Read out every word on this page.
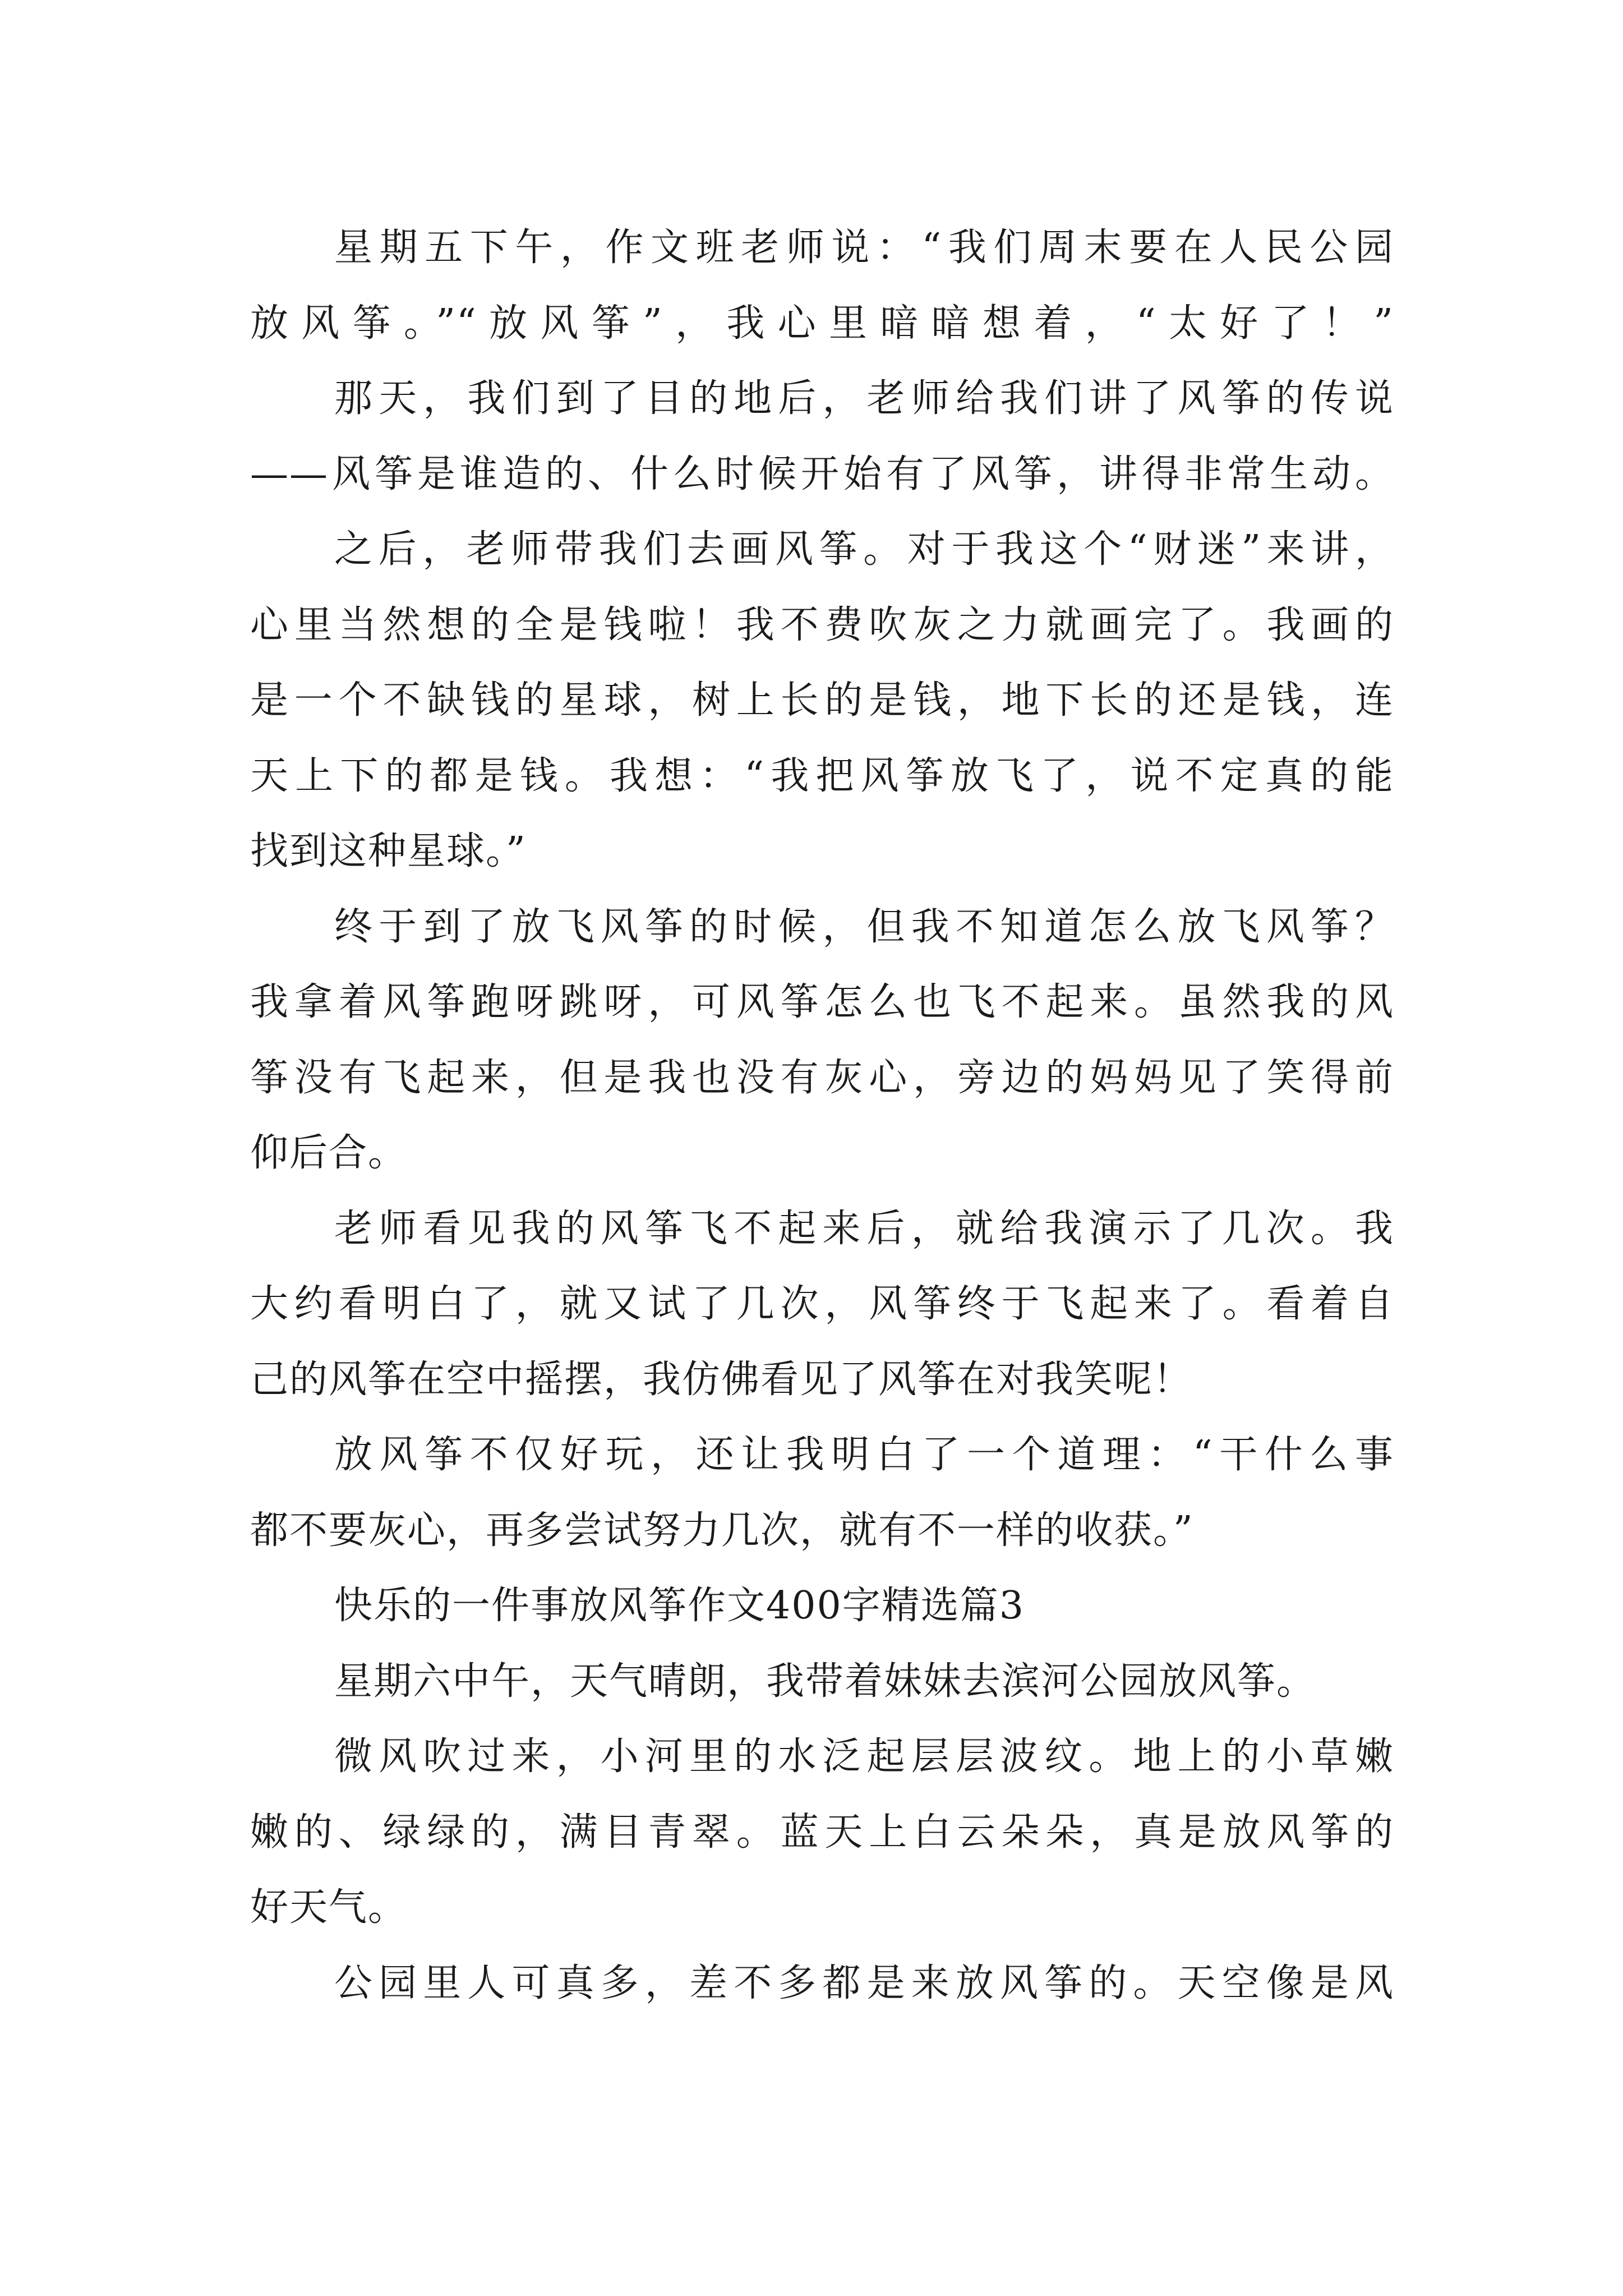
星期五下午，作文班老师说：“我们周末要在人民公园
放风筝。”“放风筝”，我心里暗暗想着，“太好了！”
那天，我们到了目的地后，老师给我们讲了风筝的传说
——风筝是谁造的、什么时候开始有了风筝，讲得非常生动。
之后，老师带我们去画风筝。对于我这个“财迷”来讲，
心里当然想的全是钱啦！我不费吹灰之力就画完了。我画的
是一个不缺钱的星球，树上长的是钱，地下长的还是钱，连
天上下的都是钱。我想：“我把风筝放飞了，说不定真的能
找到这种星球。”
终于到了放飞风筝的时候，但我不知道怎么放飞风筝？
我拿着风筝跑呀跳呀，可风筝怎么也飞不起来。虽然我的风
筝没有飞起来，但是我也没有灰心，旁边的妈妈见了笑得前
仰后合。
老师看见我的风筝飞不起来后，就给我演示了几次。我
大约看明白了，就又试了几次，风筝终于飞起来了。看着自
己的风筝在空中摇摆，我仿佛看见了风筝在对我笑呢！
放风筝不仅好玩，还让我明白了一个道理：“干什么事
都不要灰心，再多尝试努力几次，就有不一样的收获。”
快乐的一件事放风筝作文400字精选篇3
星期六中午，天气晴朗，我带着妹妹去滨河公园放风筝。
微风吹过来，小河里的水泛起层层波纹。地上的小草嫩
嫩的、绿绿的，满目青翠。蓝天上白云朵朵，真是放风筝的
好天气。
公园里人可真多，差不多都是来放风筝的。天空像是风
